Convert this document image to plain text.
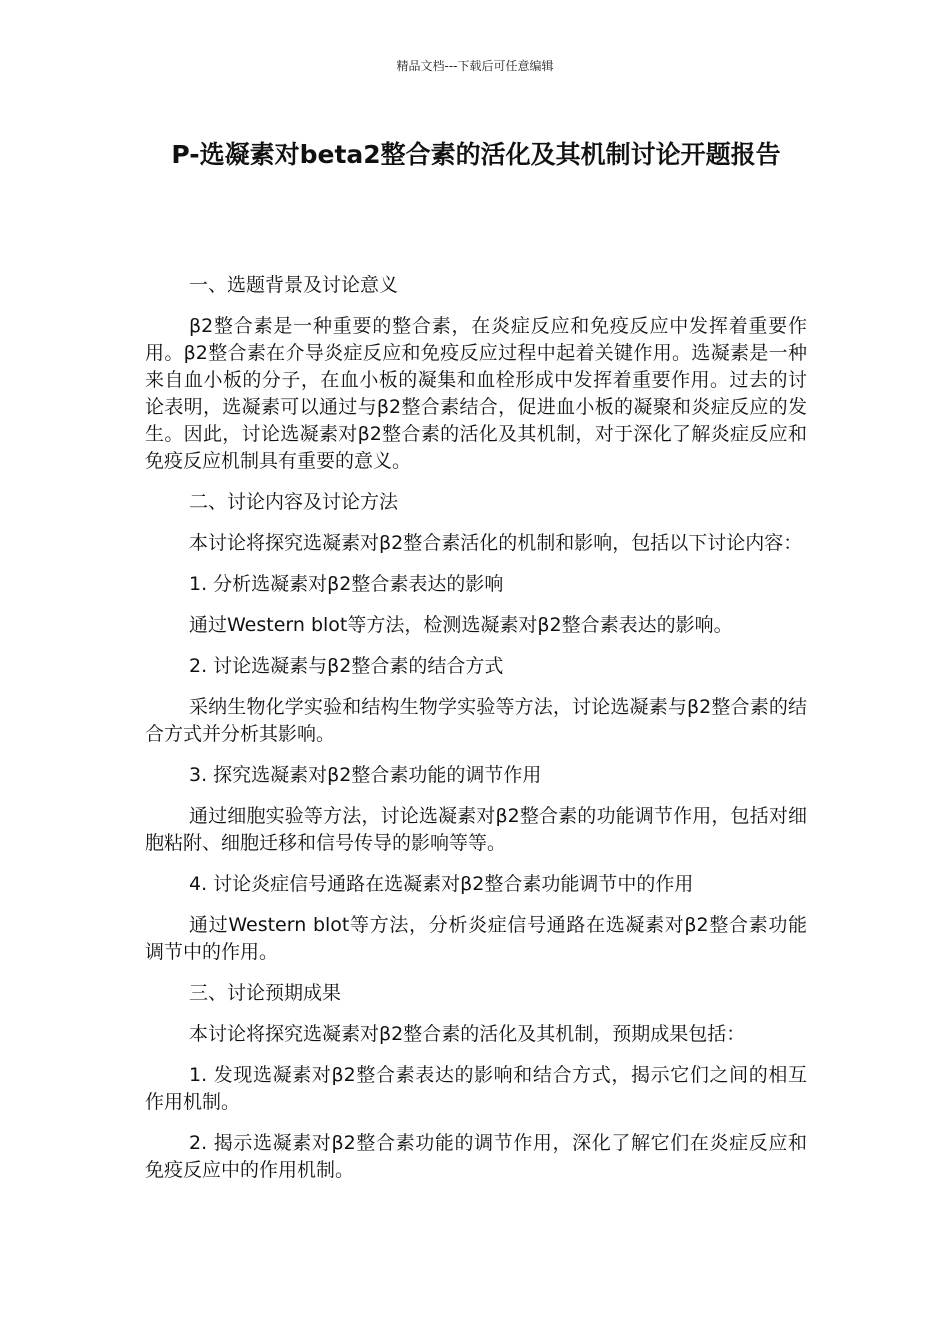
精品文档---下载后可任意编辑
P-选凝素对beta2整合素的活化及其机制讨论开题报告

一、选题背景及讨论意义

β2整合素是一种重要的整合素，在炎症反应和免疫反应中发挥着重要作用。β2整合素在介导炎症反应和免疫反应过程中起着关键作用。选凝素是一种来自血小板的分子，在血小板的凝集和血栓形成中发挥着重要作用。过去的讨论表明，选凝素可以通过与β2整合素结合，促进血小板的凝聚和炎症反应的发生。因此，讨论选凝素对β2整合素的活化及其机制，对于深化了解炎症反应和免疫反应机制具有重要的意义。

二、讨论内容及讨论方法

本讨论将探究选凝素对β2整合素活化的机制和影响，包括以下讨论内容：

1. 分析选凝素对β2整合素表达的影响

通过Western blot等方法，检测选凝素对β2整合素表达的影响。

2. 讨论选凝素与β2整合素的结合方式

采纳生物化学实验和结构生物学实验等方法，讨论选凝素与β2整合素的结合方式并分析其影响。

3. 探究选凝素对β2整合素功能的调节作用

通过细胞实验等方法，讨论选凝素对β2整合素的功能调节作用，包括对细胞粘附、细胞迁移和信号传导的影响等等。

4. 讨论炎症信号通路在选凝素对β2整合素功能调节中的作用

通过Western blot等方法，分析炎症信号通路在选凝素对β2整合素功能调节中的作用。

三、讨论预期成果

本讨论将探究选凝素对β2整合素的活化及其机制，预期成果包括：

1. 发现选凝素对β2整合素表达的影响和结合方式，揭示它们之间的相互作用机制。

2. 揭示选凝素对β2整合素功能的调节作用，深化了解它们在炎症反应和免疫反应中的作用机制。
